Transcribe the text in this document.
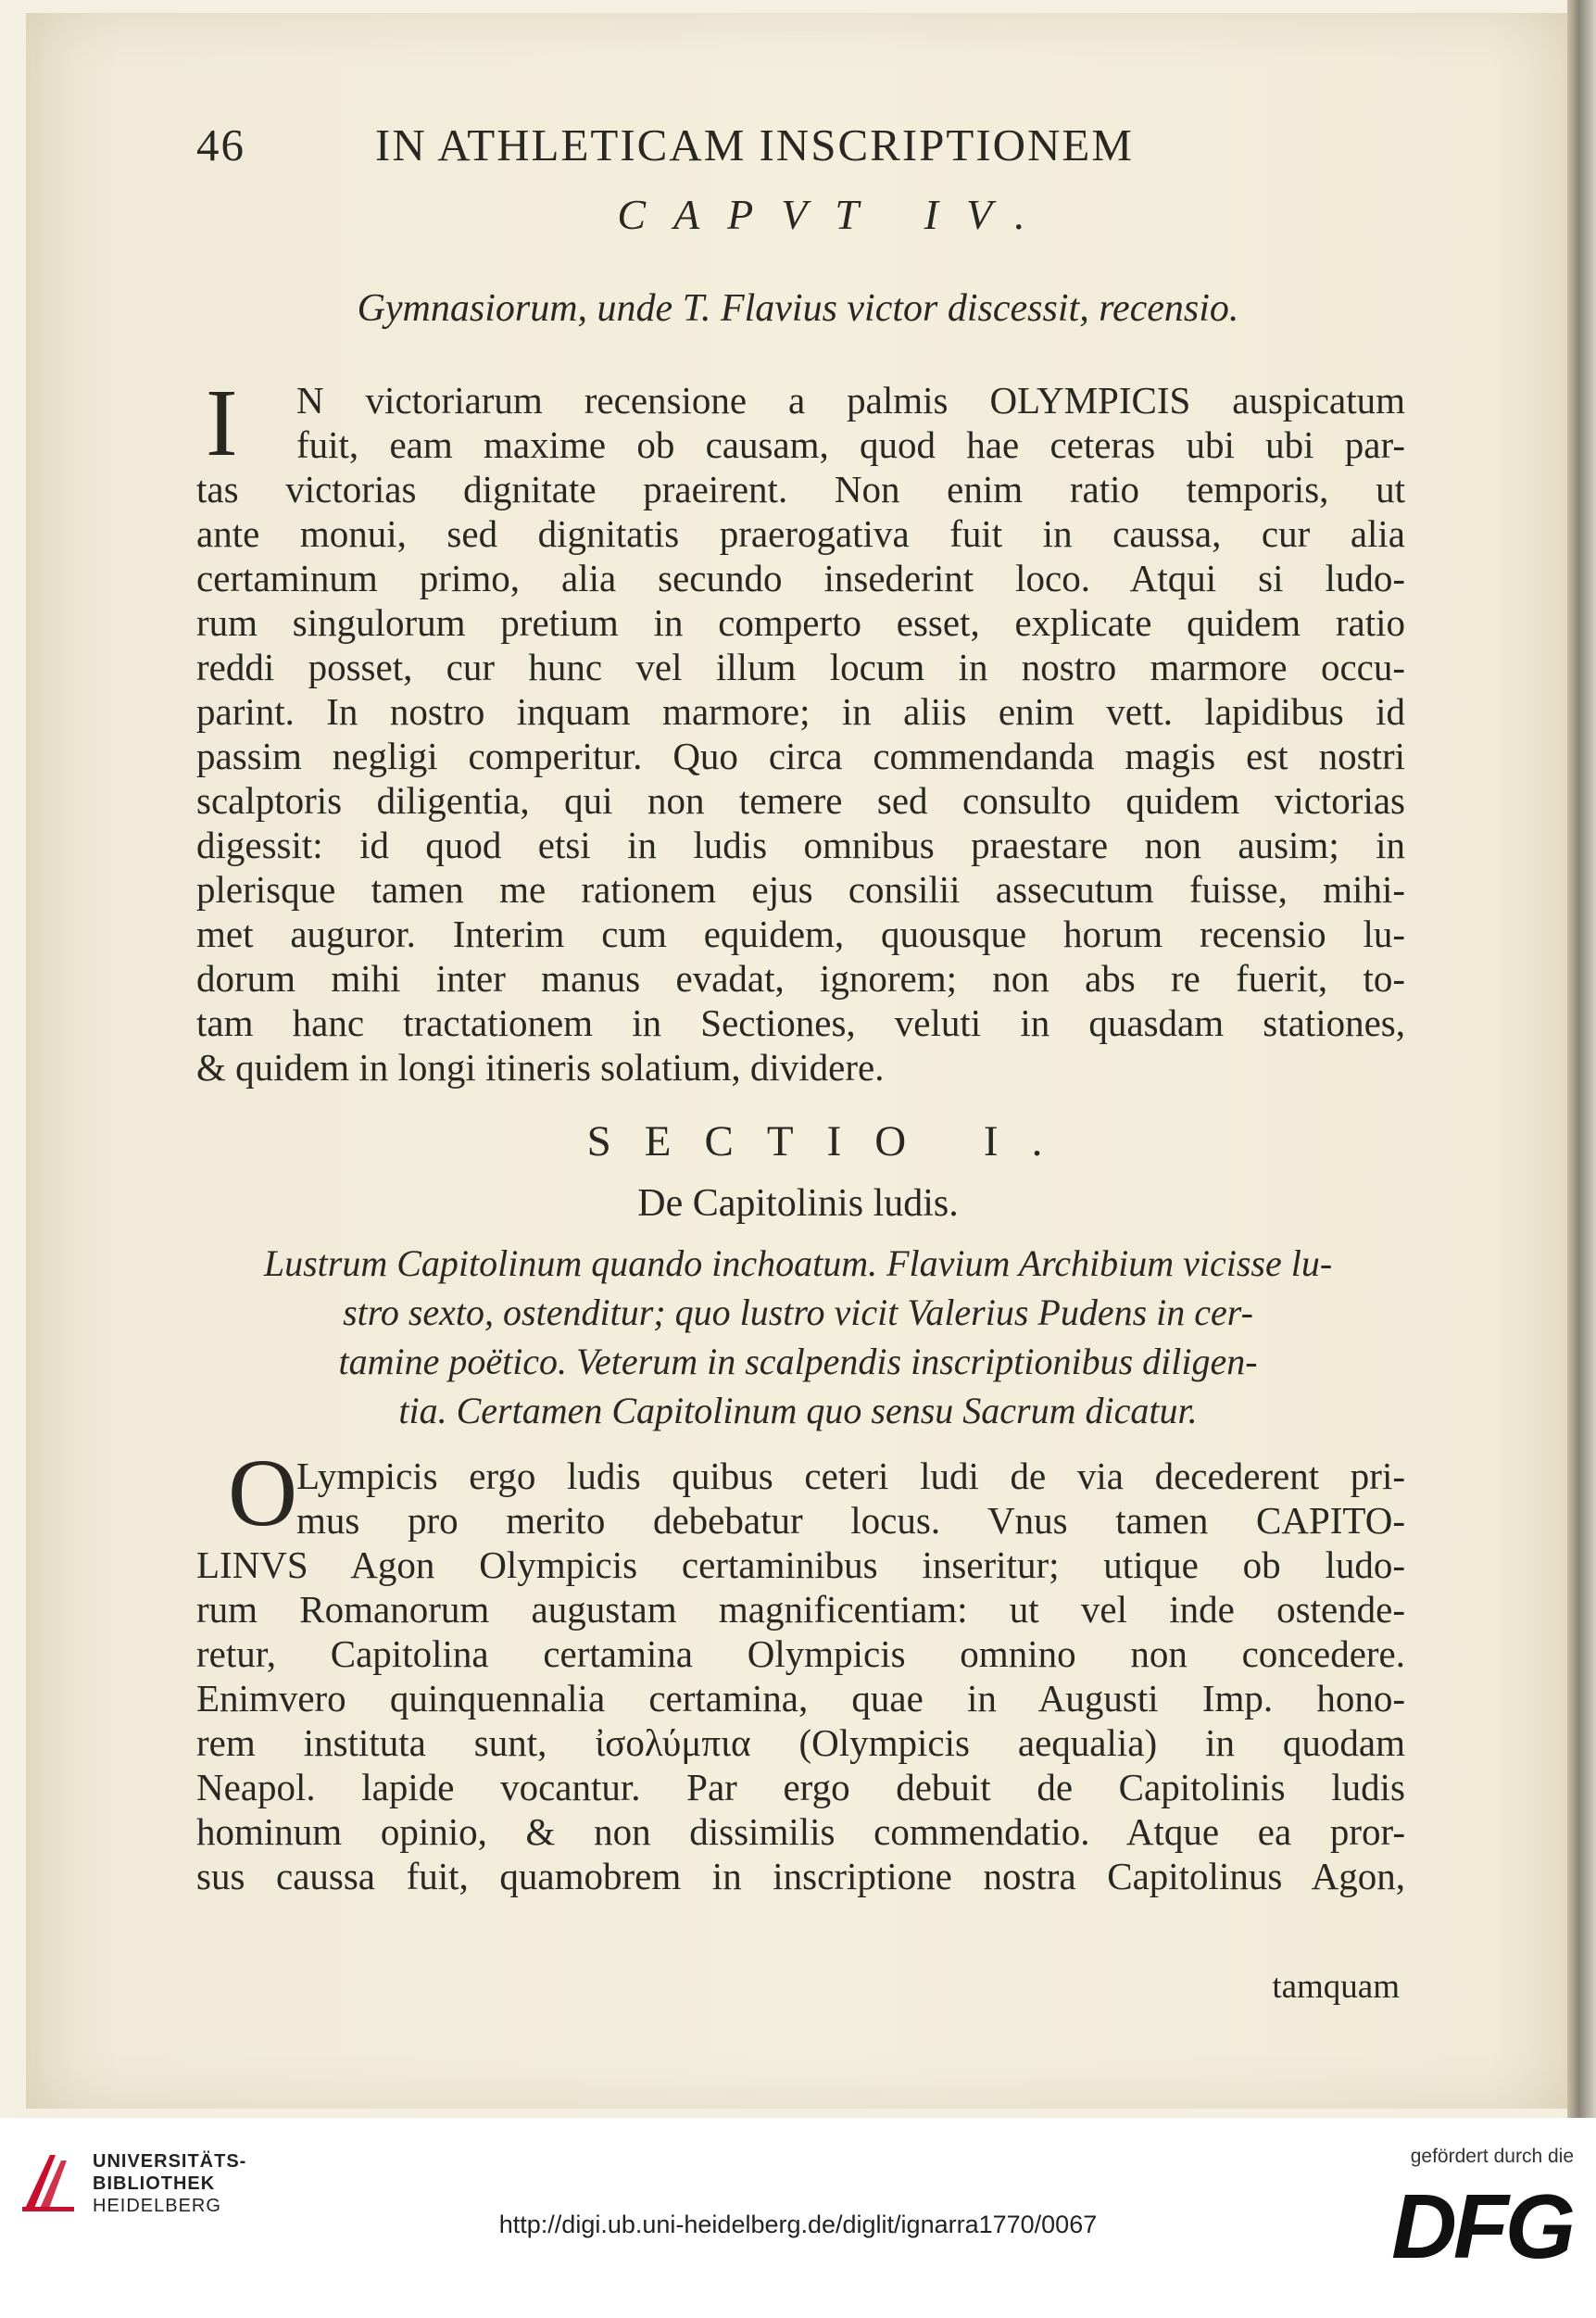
46	IN ATHLETICAM INSCRIPTIONEM
CAPVT IV.
Gymnasiorum, unde T. Flavius victor discessit, recensio.
I N victoriarum recensione a palmis OLYMPICIS auspicatum
fuit, eam maxime ob causam, quod hae ceteras ubi ubi par-
tas victorias dignitate praeirent. Non enim ratio temporis, ut
ante monui, sed dignitatis praerogativa fuit in caussa, cur alia
certaminum primo, alia secundo insederint loco. Atqui si ludo-
rum singulorum pretium in comperto esset, explicate quidem ratio
reddi posset, cur hunc vel illum locum in nostro marmore occu-
parint. In nostro inquam marmore; in aliis enim vett. lapidibus id
passim negligi comperitur. Quo circa commendanda magis est nostri
scalptoris diligentia, qui non temere sed consulto quidem victorias
digessit: id quod etsi in ludis omnibus praestare non ausim; in
plerisque tamen me rationem ejus consilii assecutum fuisse, mihi-
met auguror. Interim cum equidem, quousque horum recensio lu-
dorum mihi inter manus evadat, ignorem; non abs re fuerit, to-
tam hanc tractationem in Sectiones, veluti in quasdam stationes,
& quidem in longi itineris solatium, dividere.
SECTIO I.
De Capitolinis ludis.
Lustrum Capitolinum quando inchoatum. Flavium Archibium vicisse lu-
stro sexto, ostenditur; quo lustro vicit Valerius Pudens in cer-
tamine poëtico. Veterum in scalpendis inscriptionibus diligen-
tia. Certamen Capitolinum quo sensu Sacrum dicatur.
O
Lympicis ergo ludis quibus ceteri ludi de via decederent pri-
mus pro merito debebatur locus. Vnus tamen CAPITO-
LINVS Agon Olympicis certaminibus inseritur; utique ob ludo-
rum Romanorum augustam magnificentiam: ut vel inde ostende-
retur, Capitolina certamina Olympicis omnino non concedere.
Enimvero quinquennalia certamina, quae in Augusti Imp. hono-
rem instituta sunt, ἰσολύμπια (Olympicis aequalia) in quodam
Neapol. lapide vocantur. Par ergo debuit de Capitolinis ludis
hominum opinio, & non dissimilis commendatio. Atque ea pror-
sus caussa fuit, quamobrem in inscriptione nostra Capitolinus Agon,
tamquam
UNIVERSITÄTS-
BIBLIOTHEK
HEIDELBERG
http://digi.ub.uni-heidelberg.de/diglit/ignarra1770/0067
gefördert durch die
DFG
